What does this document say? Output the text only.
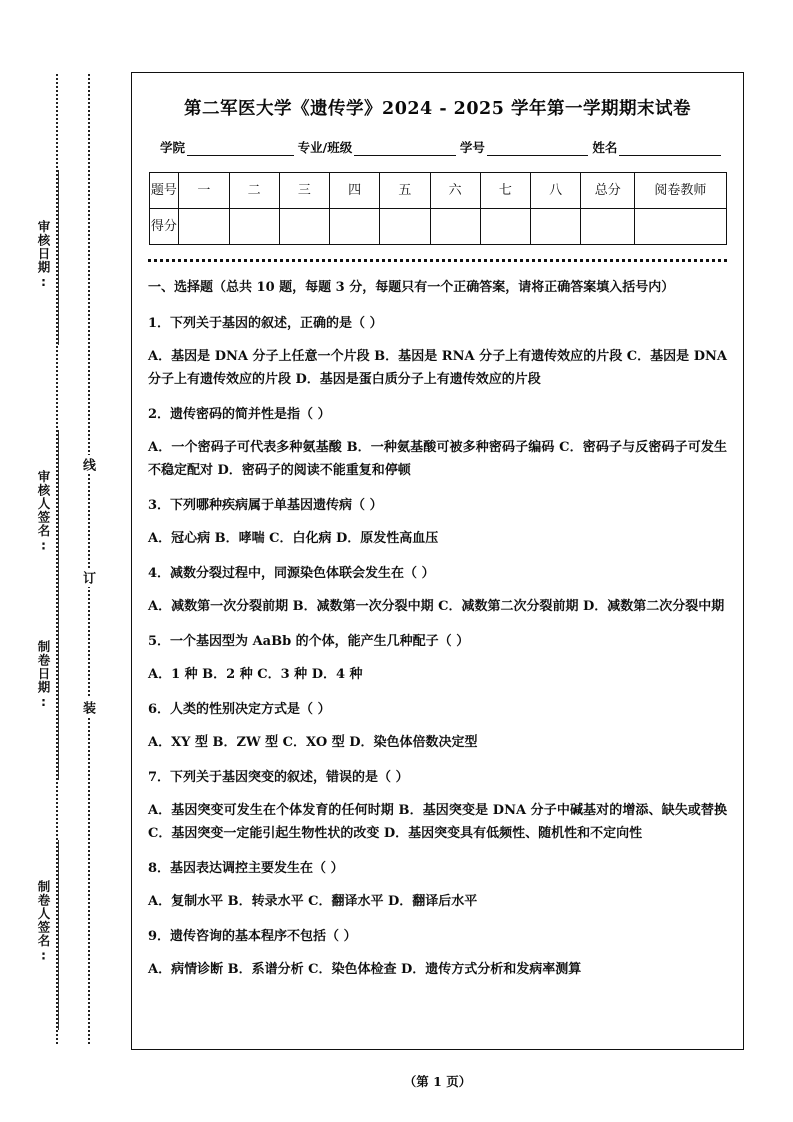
审核日期:
审核人签名:
制卷日期:
制卷人签名:
线
订
装
第二军医大学《遗传学》2024 - 2025 学年第一学期期末试卷
学院	专业/班级	学号	姓名
题号	一	二	三	四	五	六	七	八	总分	阅卷教师
得分										
一、选择题（总共 10 题，每题 3 分，每题只有一个正确答案，请将正确答案填入括号内）
1．下列关于基因的叙述，正确的是（ ）
A．基因是 DNA 分子上任意一个片段 B．基因是 RNA 分子上有遗传效应的片段 C．基因是 DNA 分子上有遗传效应的片段 D．基因是蛋白质分子上有遗传效应的片段
2．遗传密码的简并性是指（ ）
A．一个密码子可代表多种氨基酸 B．一种氨基酸可被多种密码子编码 C．密码子与反密码子可发生不稳定配对 D．密码子的阅读不能重复和停顿
3．下列哪种疾病属于单基因遗传病（ ）
A．冠心病 B．哮喘 C．白化病 D．原发性高血压
4．减数分裂过程中，同源染色体联会发生在（ ）
A．减数第一次分裂前期 B．减数第一次分裂中期 C．减数第二次分裂前期 D．减数第二次分裂中期
5．一个基因型为 AaBb 的个体，能产生几种配子（ ）
A．1 种 B．2 种 C．3 种 D．4 种
6．人类的性别决定方式是（ ）
A．XY 型 B．ZW 型 C．XO 型 D．染色体倍数决定型
7．下列关于基因突变的叙述，错误的是（ ）
A．基因突变可发生在个体发育的任何时期 B．基因突变是 DNA 分子中碱基对的增添、缺失或替换 C．基因突变一定能引起生物性状的改变 D．基因突变具有低频性、随机性和不定向性
8．基因表达调控主要发生在（ ）
A．复制水平 B．转录水平 C．翻译水平 D．翻译后水平
9．遗传咨询的基本程序不包括（ ）
A．病情诊断 B．系谱分析 C．染色体检查 D．遗传方式分析和发病率测算
（第 1 页）
